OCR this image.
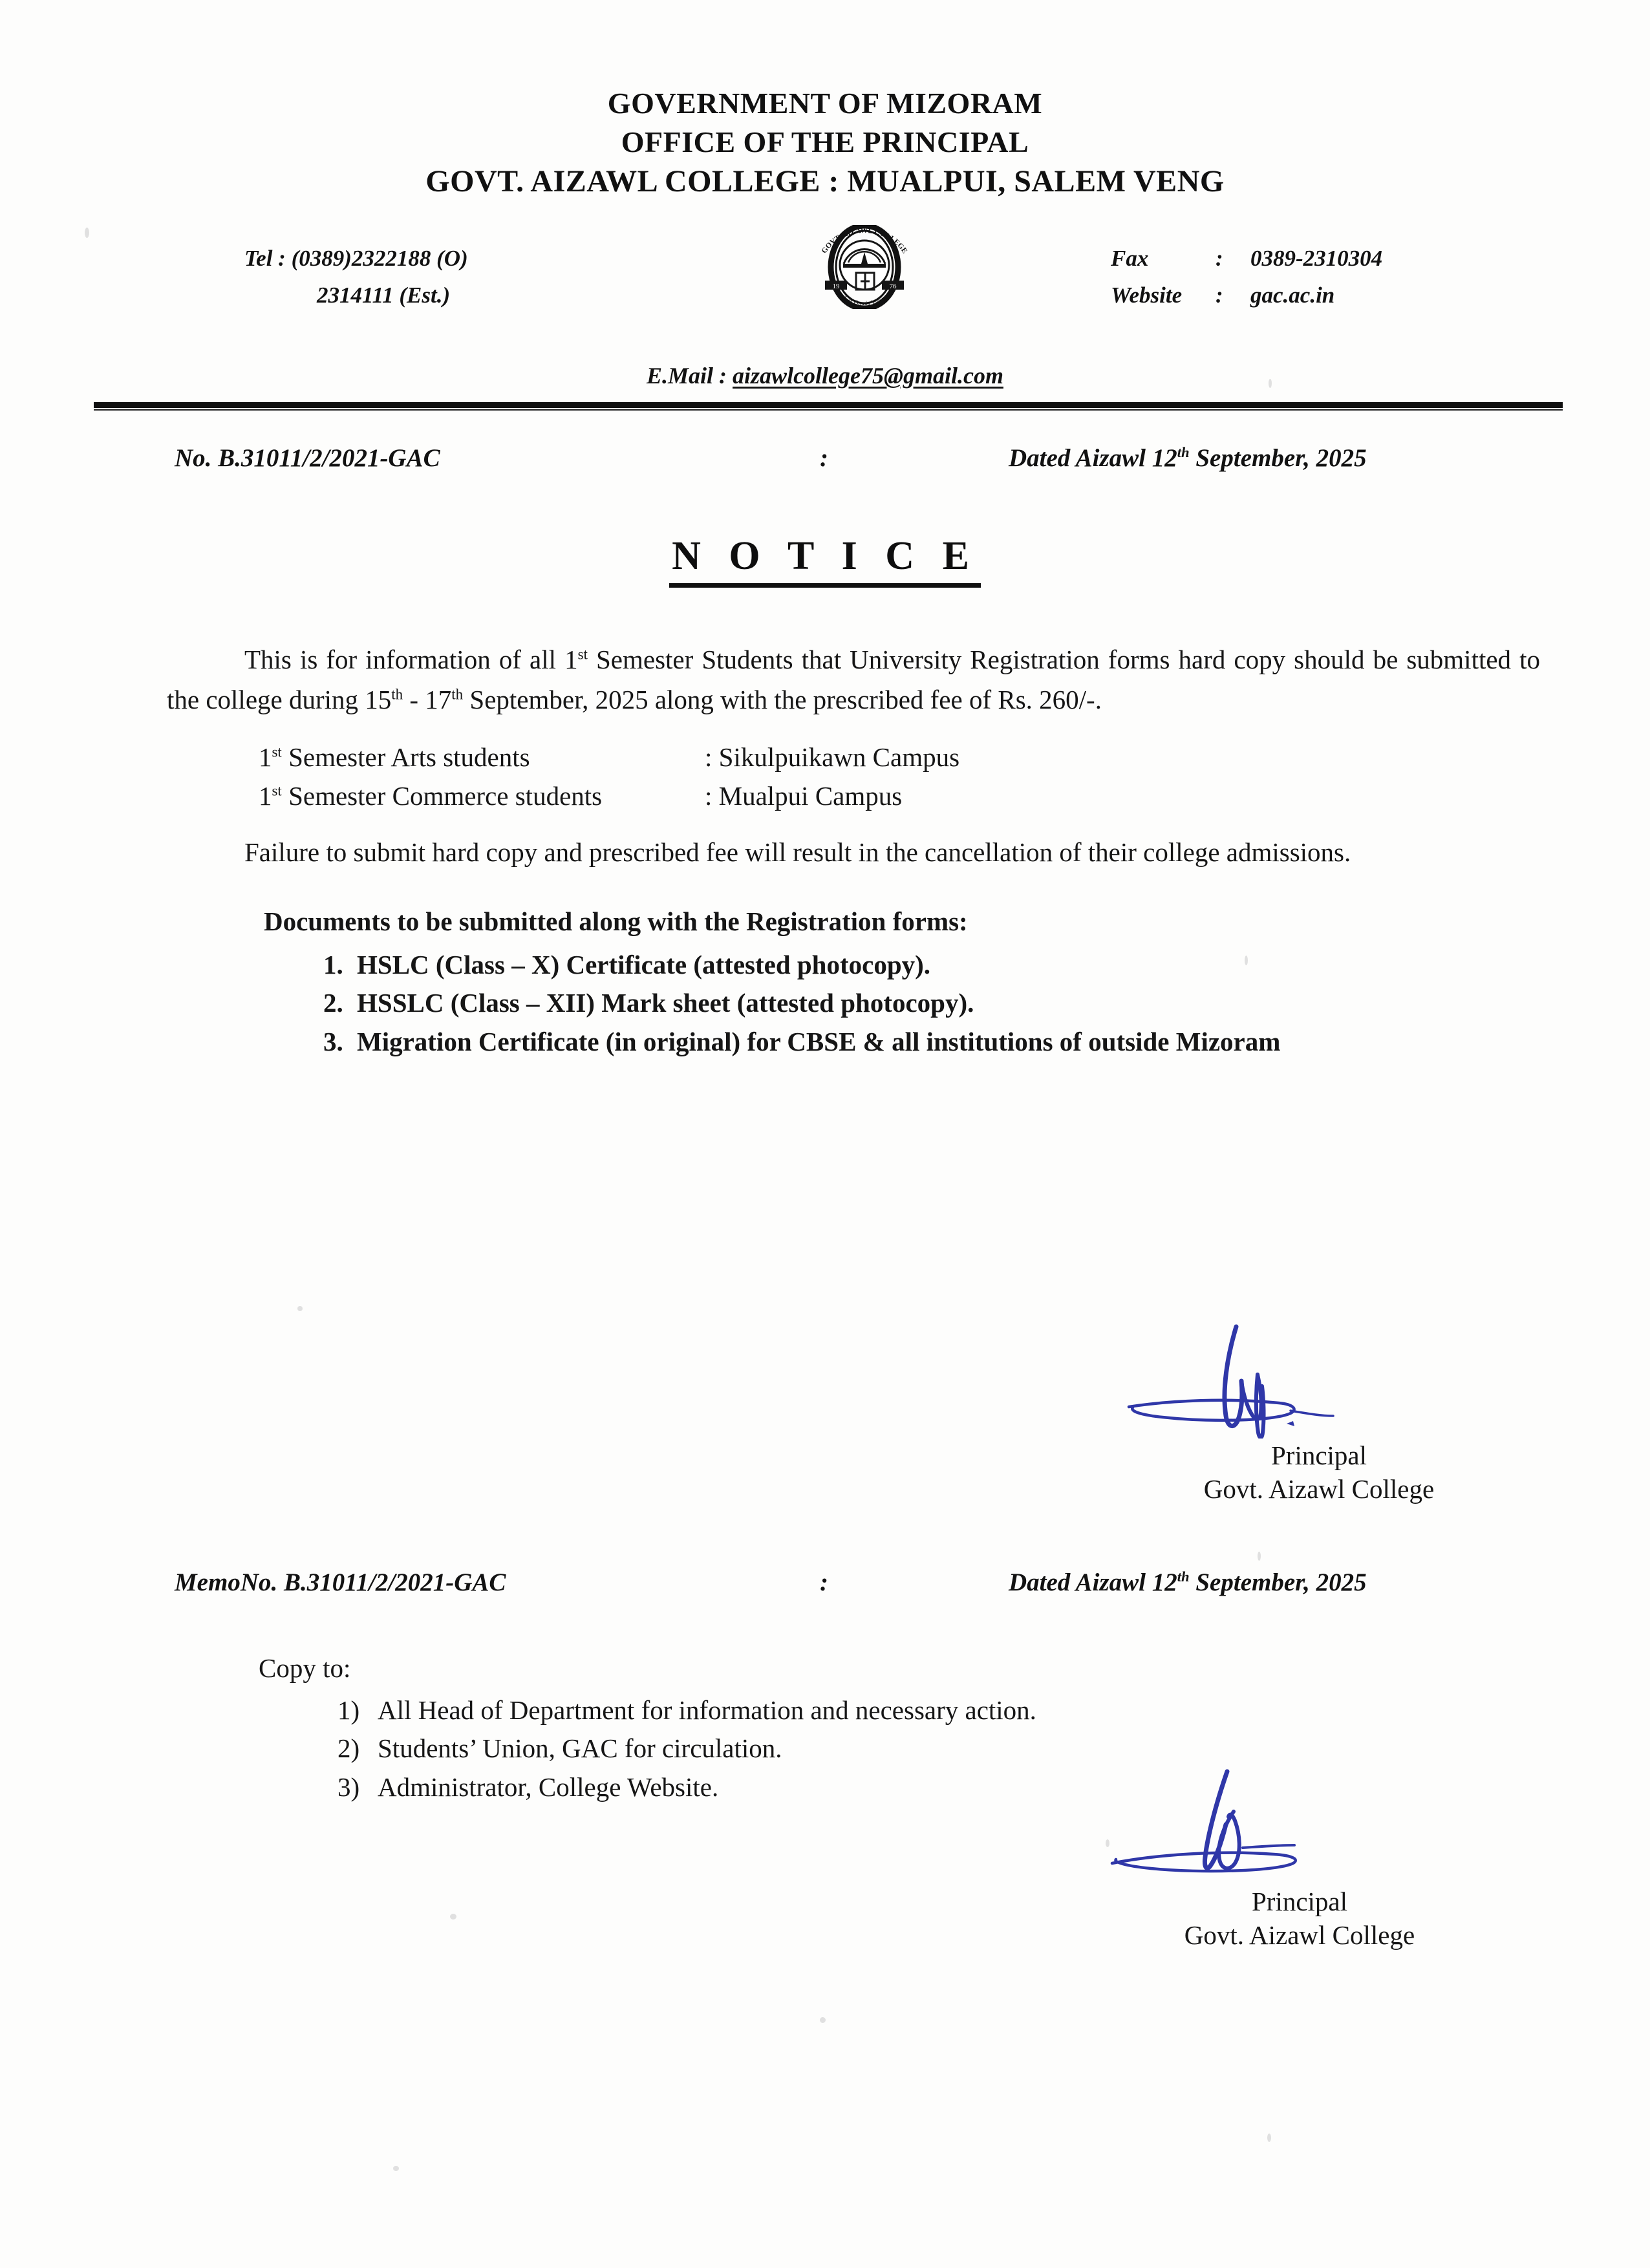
GOVERNMENT OF MIZORAM
OFFICE OF THE PRINCIPAL
GOVT. AIZAWL COLLEGE : MUALPUI, SALEM VENG
Tel : (0389)2322188 (O)
2314111 (Est.)
Fax	:	0389-2310304
Website	:	gac.ac.in
19	76
GOVT. AIZAWL COLLEGE
Lux Omnia Vincit
E.Mail : aizawlcollege75@gmail.com
No. B.31011/2/2021-GAC	:	Dated Aizawl 12th September, 2025
N O T I C E

This is for information of all 1st Semester Students that University Registration forms hard copy should be submitted to the college during 15th - 17th September, 2025 along with the prescribed fee of Rs. 260/-.

1st Semester Arts students	: Sikulpuikawn Campus
1st Semester Commerce students	: Mualpui Campus

Failure to submit hard copy and prescribed fee will result in the cancellation of their college admissions.

Documents to be submitted along with the Registration forms:
1. HSLC (Class – X) Certificate (attested photocopy).
2. HSSLC (Class – XII) Mark sheet (attested photocopy).
3. Migration Certificate (in original) for CBSE & all institutions of outside Mizoram
Principal
Govt. Aizawl College
MemoNo. B.31011/2/2021-GAC	:	Dated Aizawl 12th September, 2025
Copy to:
1) All Head of Department for information and necessary action.
2) Students’ Union, GAC for circulation.
3) Administrator, College Website.
Principal
Govt. Aizawl College
